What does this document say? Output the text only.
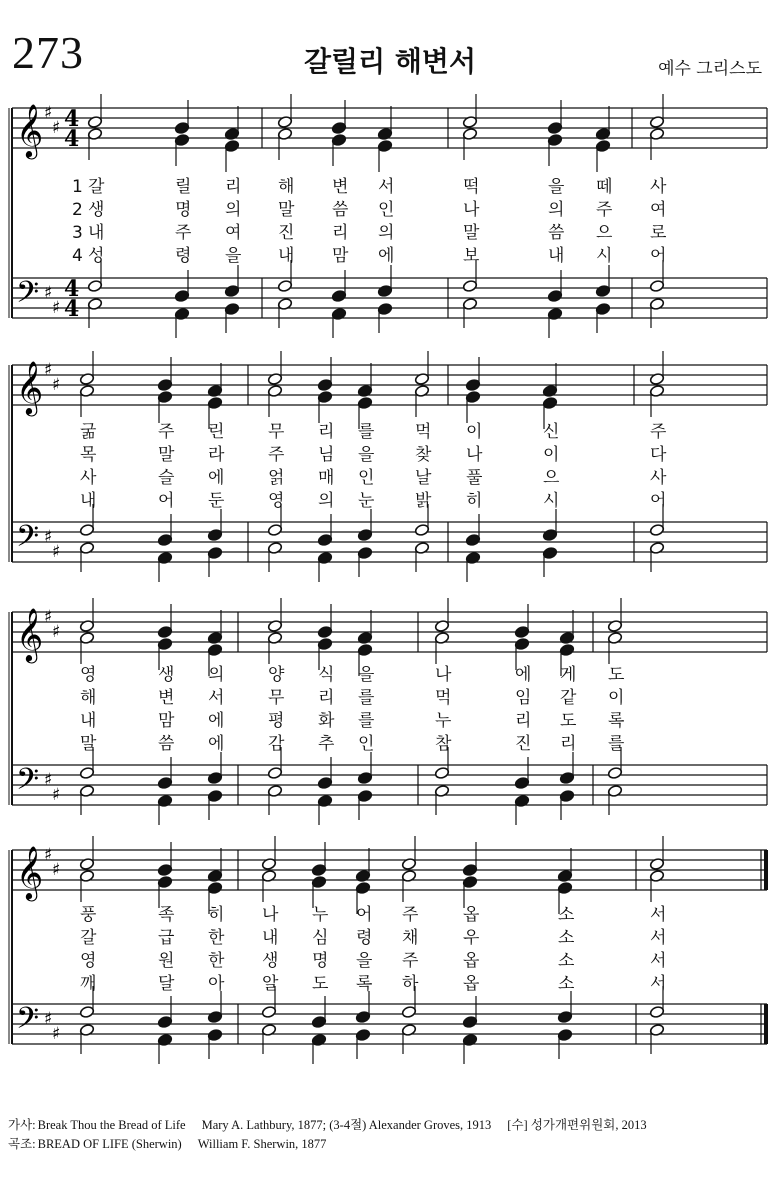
273	갈릴리 해변서	예수 그리스도
𝄞
𝄢
♯
♯
♯
♯
4
4
4
4
1 갈	릴 리 해 변 서	떡	을 떼 사
2 생	명 의 말 씀 인	나	의 주 여
3 내	주 여 진 리 의	말	씀 으 로
4 성	령 을 내 맘 에	보	내 시 어
𝄞
𝄢
♯
♯
♯
♯
굶	주 린	무 리 를 먹 이	신	주
목	말 라	주 님 을 찾 나	이	다
사	슬 에	얽 매 인 날 풀	으	사
내	어 둔	영 의 눈 밝 히	시	어
𝄞
𝄢
♯
♯
♯
♯
영	생 의	양 식 을	나	에 게 도
해	변 서	무 리 를	먹	임 같 이
내	맘 에	평 화 를	누	리 도 록
말	씀 에	감 추 인	참	진 리 를
𝄞
𝄢
♯
♯
♯
♯
풍	족 히 나 누 어 주	옵	소	서
갈	급 한 내 심 령 채	우	소	서
영	원 한 생 명 을 주	옵	소	서
깨	달 아 알 도 록 하	옵	소	서
가사: Break Thou the Bread of Life Mary A. Lathbury, 1877; (3-4절) Alexander Groves, 1913 [수] 성가개편위원회, 2013
곡조: BREAD OF LIFE (Sherwin) William F. Sherwin, 1877
